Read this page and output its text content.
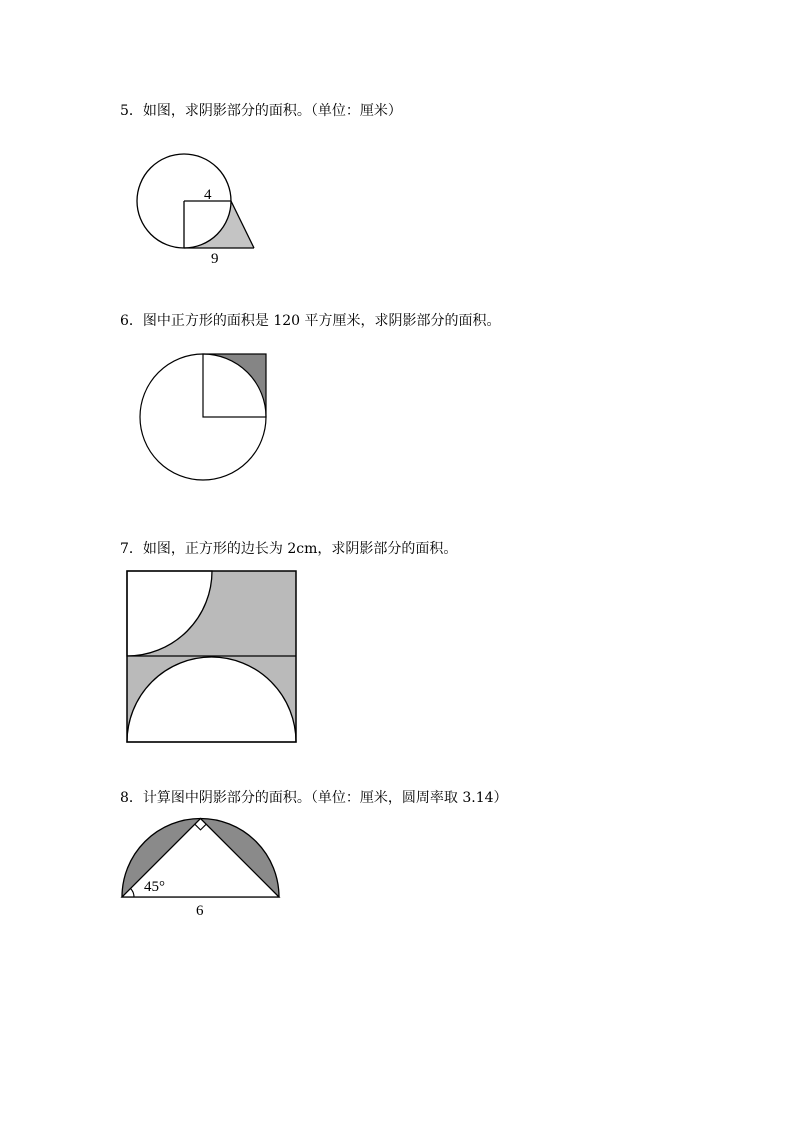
5．如图，求阴影部分的面积。（单位：厘米）
4
9
6．图中正方形的面积是 120 平方厘米，求阴影部分的面积。
7．如图，正方形的边长为 2cm，求阴影部分的面积。
8．计算图中阴影部分的面积。（单位：厘米，圆周率取 3.14）
45°
6
